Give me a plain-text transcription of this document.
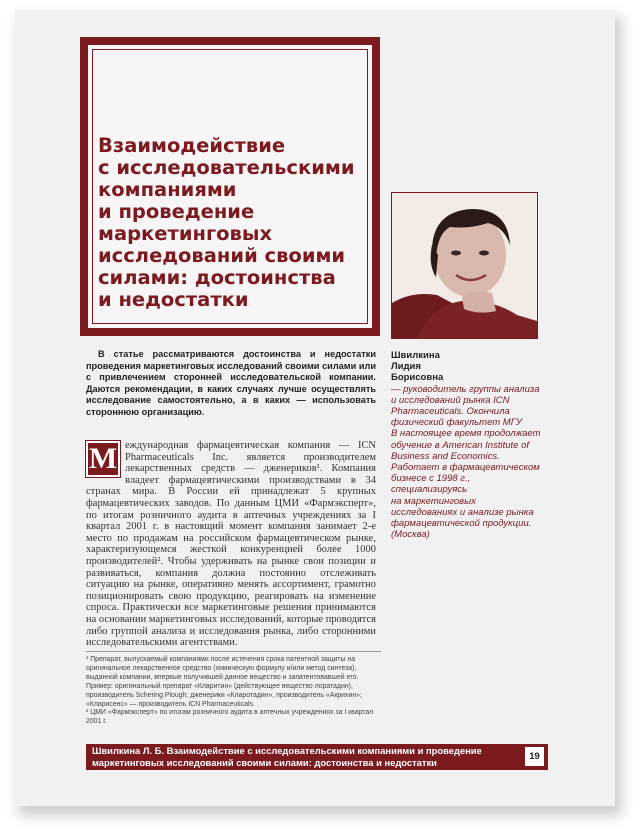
Взаимодействие
с исследовательскими
компаниями
и проведение
маркетинговых
исследований своими
силами: достоинства
и недостатки
Швилкина
Лидия
Борисовна
— руководитель группы анализа и исследований рынка ICN Pharmaceuticals. Окончила физический факультет МГУ
В настоящее время продолжает обучение в American Institute of Business and Economics.
Работает в фармацевтическом бизнесе с 1998 г.,
специализируясь
на маркетинговых
исследованиях и анализе рынка фармацевтической продукции.
(Москва)
В статье рассматриваются достоинства и недостатки проведения маркетинговых исследований своими силами или с привлечением сторонней исследовательской компании. Даются рекомендации, в каких случаях лучше осуществлять исследование самостоятельно, а в каких — использовать стороннюю организацию.
М еждународная фармацевтическая компания — ICN Pharmaceuticals Inc. является производителем лекарственных средств — дженериков¹. Компания владеет фармацевтическими производствами в 34 странах мира. В России ей принадлежат 5 крупных фармацевтических заводов. По данным ЦМИ «Фармэксперт», по итогам розничного аудита в аптечных учреждениях за I квартал 2001 г. в настоящий момент компания занимает 2-е место по продажам на российском фармацевтическом рынке, характеризующемся жесткой конкуренцией более 1000 производителей². Чтобы удерживать на рынке свои позиции и развиваться, компания должна постоянно отслеживать ситуацию на рынке, оперативно менять ассортимент, грамотно позиционировать свою продукцию, реагировать на изменение спроса. Практически все маркетинговые решения принимаются на основании маркетинговых исследований, которые проводятся либо группой анализа и исследования рынка, либо сторонними исследовательскими агентствами.
¹ Препарат, выпускаемый компаниями после истечения срока патентной защиты на оригинальное лекарственное средство (химическую формулу и/или метод синтеза), выданной компании, впервые получившей данное вещество и запатентовавшей его. Пример: оригинальный препарат «Кларитин» (действующее вещество лоратадин), производитель Schering Plough; дженерики «Кларотадин», производитель «Акрихин»; «Кларисенс» — производитель ICN Pharmaceuticals.
² ЦМИ «Фармэксперт» по итогам розничного аудита в аптечных учреждениях за I квартал 2001 г.
Швилкина Л. Б. Взаимодействие с исследовательскими компаниями и проведение
маркетинговых исследований своими силами: достоинства и недостатки
19
